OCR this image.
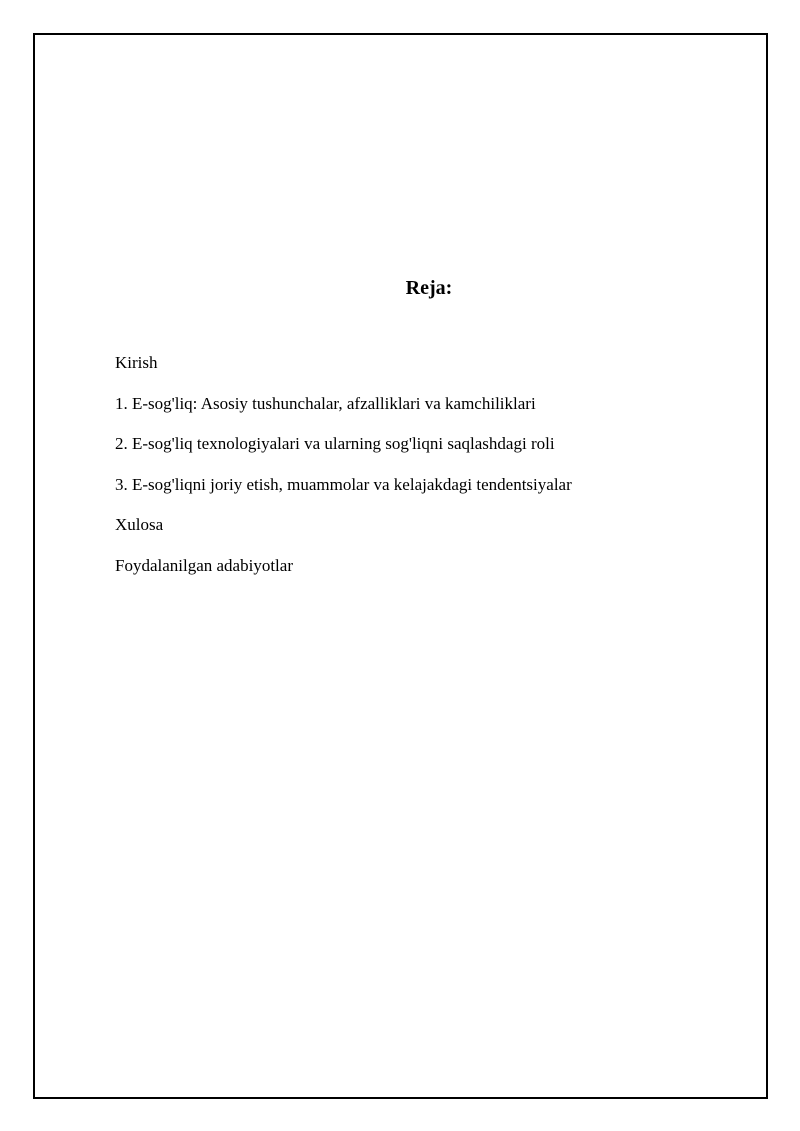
Reja:
Kirish
1. E-sog'liq: Asosiy tushunchalar, afzalliklari va kamchiliklari
2. E-sog'liq texnologiyalari va ularning sog'liqni saqlashdagi roli
3. E-sog'liqni joriy etish, muammolar va kelajakdagi tendentsiyalar
Xulosa
Foydalanilgan adabiyotlar
